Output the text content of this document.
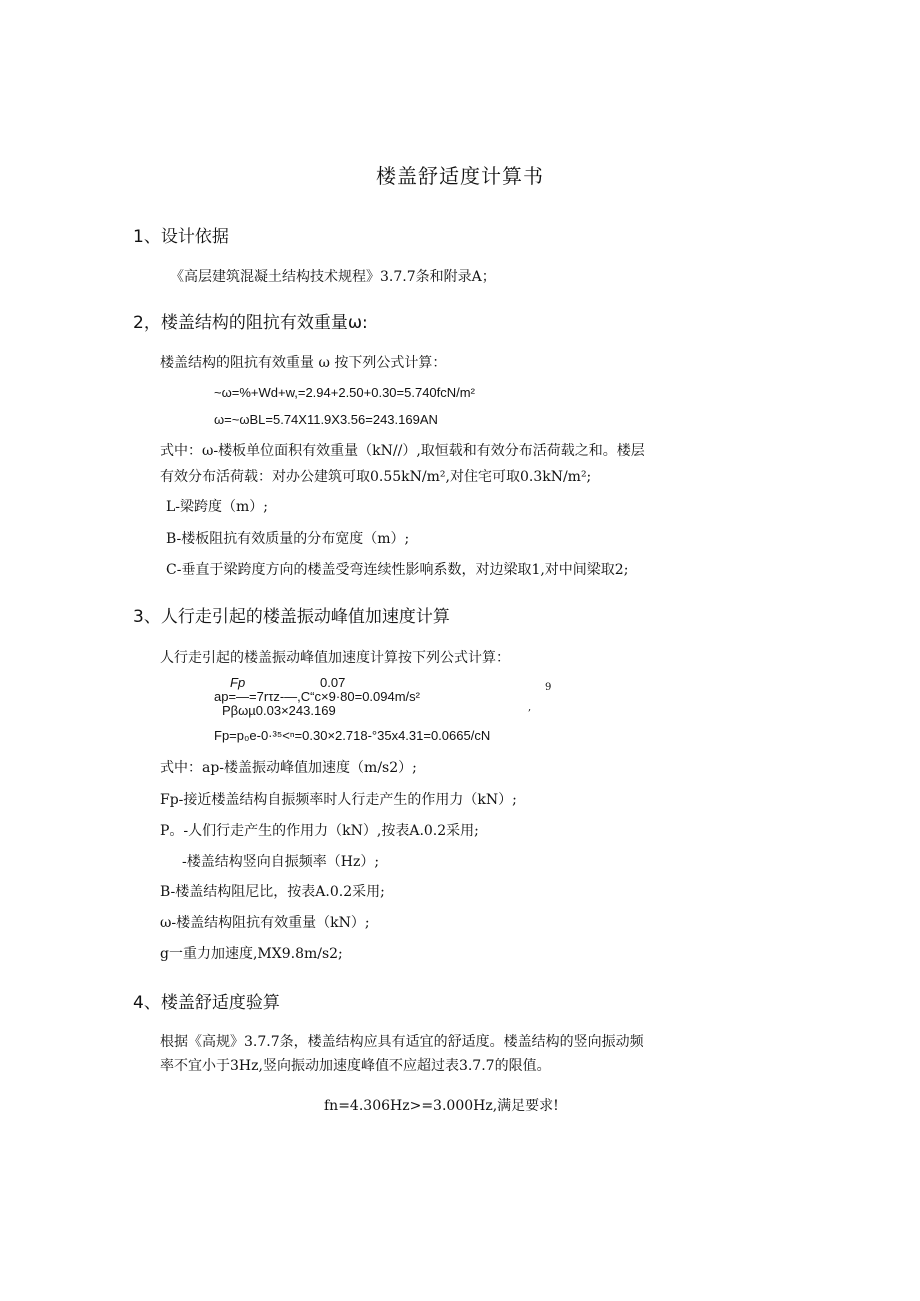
楼盖舒适度计算书
1、设计依据
《高层建筑混凝土结构技术规程》3.7.7条和附录A；
2，楼盖结构的阻抗有效重量ω:
楼盖结构的阻抗有效重量 ω 按下列公式计算：
~ω=%+Wd+w,=2.94+2.50+0.30=5.740fcN/m²
ω=~ωBL=5.74X11.9X3.56=243.169AN
式中：ω-楼板单位面积有效重量（kN//）,取恒载和有效分布活荷载之和。楼层
有效分布活荷载：对办公建筑可取0.55kN/m²,对住宅可取0.3kN/m²;
L-梁跨度（m）;
B-楼板阻抗有效质量的分布宽度（m）;
C-垂直于梁跨度方向的楼盖受弯连续性影响系数，对边梁取1,对中间梁取2;
3、人行走引起的楼盖振动峰值加速度计算
人行走引起的楼盖振动峰值加速度计算按下列公式计算：
Fp	0.07
ap=—=7rτz-—,C“c×9·80=0.094m/s²
Pβωµ0.03×243.169
9
,
Fp=p₀e-0·³⁵<ⁿ=0.30×2.718-°35x4.31=0.0665/cN
式中：ap-楼盖振动峰值加速度（m/s2）;
Fp-接近楼盖结构自振频率时人行走产生的作用力（kN）;
P。-人们行走产生的作用力（kN）,按表A.0.2采用;
-楼盖结构竖向自振频率（Hz）;
B-楼盖结构阻尼比，按表A.0.2采用;
ω-楼盖结构阻抗有效重量（kN）;
g一重力加速度,MX9.8m/s2;
4、楼盖舒适度验算
根据《高规》3.7.7条，楼盖结构应具有适宜的舒适度。楼盖结构的竖向振动频
率不宜小于3Hz,竖向振动加速度峰值不应超过表3.7.7的限值。
fn=4.306Hz>=3.000Hz,满足要求!
